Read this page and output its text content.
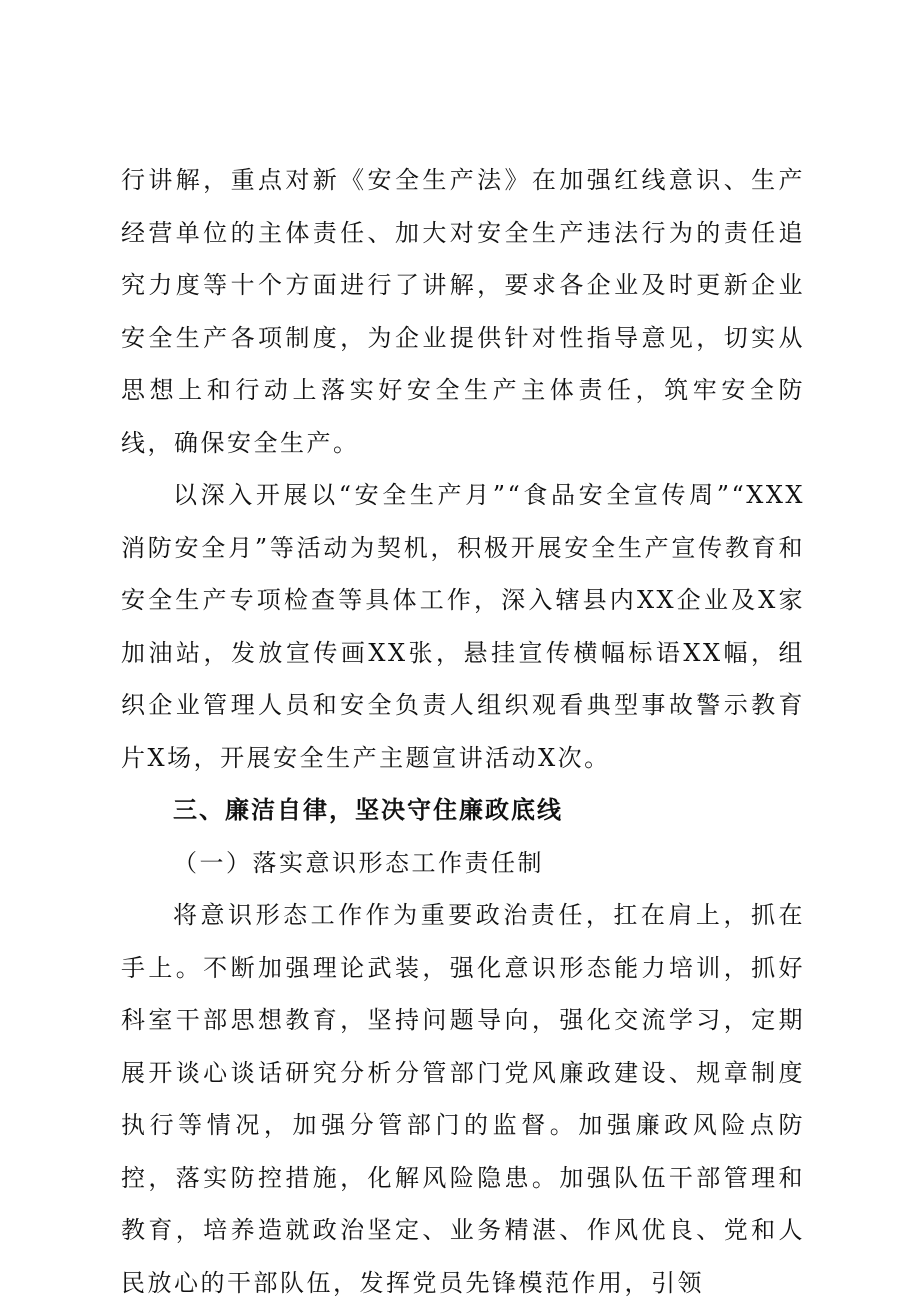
行讲解，重点对新《安全生产法》在加强红线意识、生产经营单位的主体责任、加大对安全生产违法行为的责任追究力度等十个方面进行了讲解，要求各企业及时更新企业安全生产各项制度，为企业提供针对性指导意见，切实从思想上和行动上落实好安全生产主体责任，筑牢安全防线，确保安全生产。

以深入开展以“安全生产月”“食品安全宣传周”“XXX消防安全月”等活动为契机，积极开展安全生产宣传教育和安全生产专项检查等具体工作，深入辖县内XX企业及X家加油站，发放宣传画XX张，悬挂宣传横幅标语XX幅，组织企业管理人员和安全负责人组织观看典型事故警示教育片X场，开展安全生产主题宣讲活动X次。

三、廉洁自律，坚决守住廉政底线

（一）落实意识形态工作责任制

将意识形态工作作为重要政治责任，扛在肩上，抓在手上。不断加强理论武装，强化意识形态能力培训，抓好科室干部思想教育，坚持问题导向，强化交流学习，定期展开谈心谈话研究分析分管部门党风廉政建设、规章制度执行等情况，加强分管部门的监督。加强廉政风险点防控，落实防控措施，化解风险隐患。加强队伍干部管理和教育，培养造就政治坚定、业务精湛、作风优良、党和人民放心的干部队伍，发挥党员先锋模范作用，引领
